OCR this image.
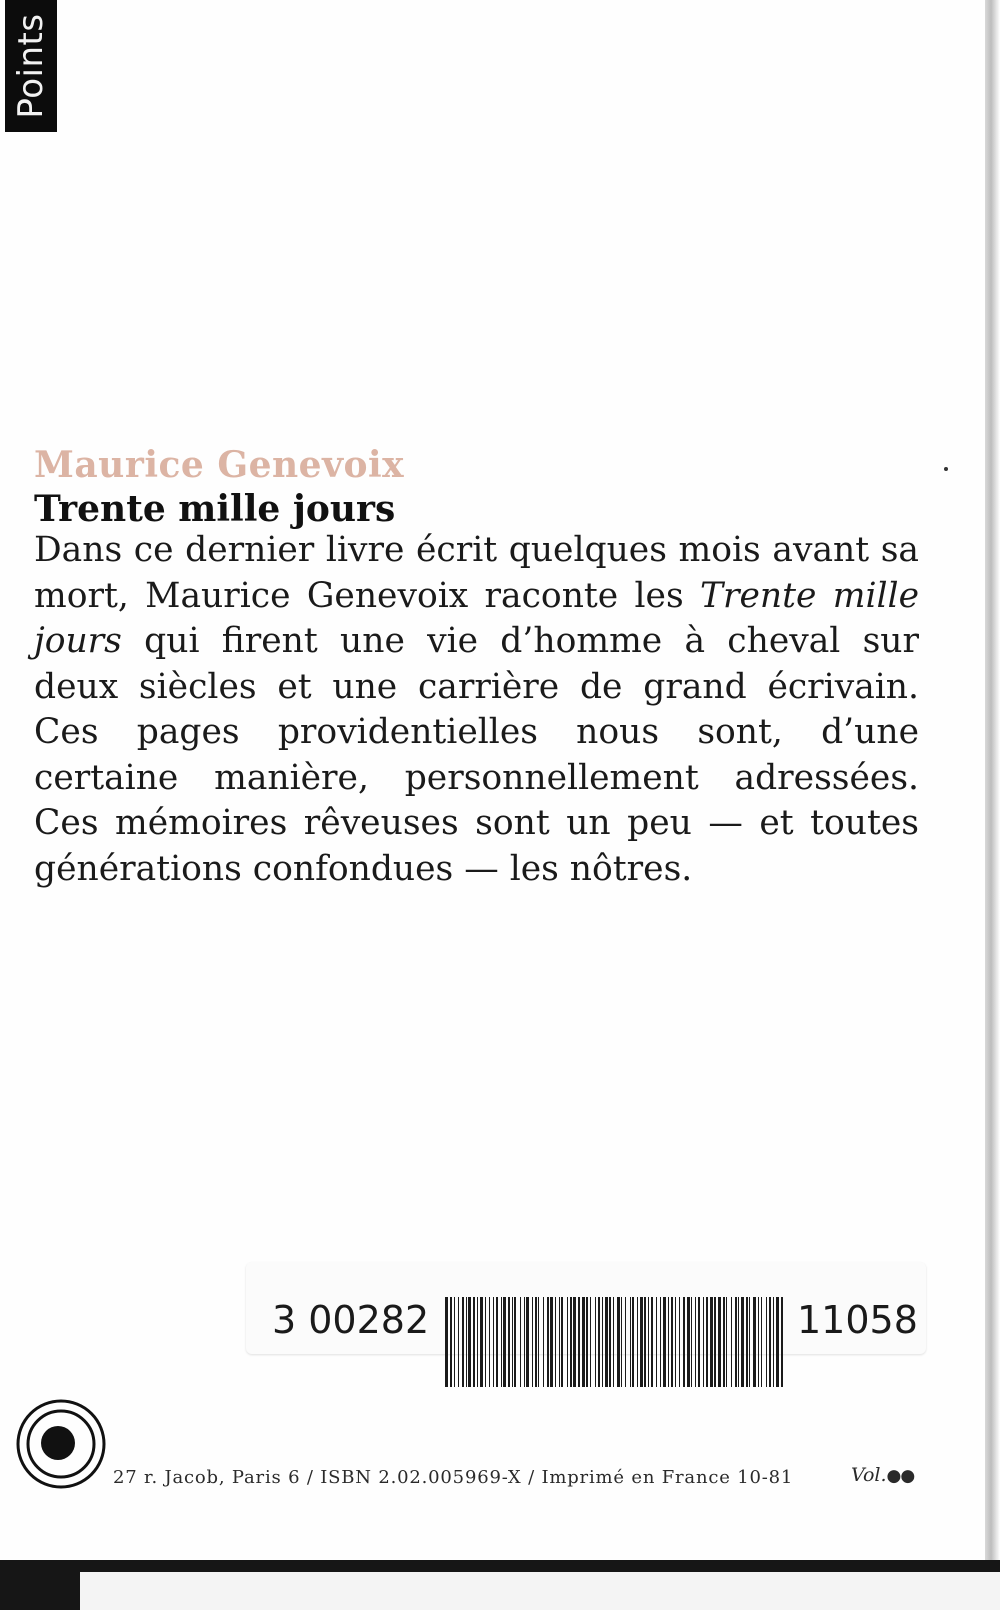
Points
Maurice Genevoix
Trente mille jours

Dans ce dernier livre écrit quelques mois avant sa mort, Maurice Genevoix raconte les Trente mille jours qui firent une vie d’homme à cheval sur deux siècles et une carrière de grand écrivain. Ces pages providentielles nous sont, d’une certaine manière, personnellement adressées. Ces mémoires rêveuses sont un peu — et toutes générations confondues — les nôtres.

3 00282	11058
27 r. Jacob, Paris 6 / ISBN 2.02.005969-X / Imprimé en France 10-81	Vol.●●
